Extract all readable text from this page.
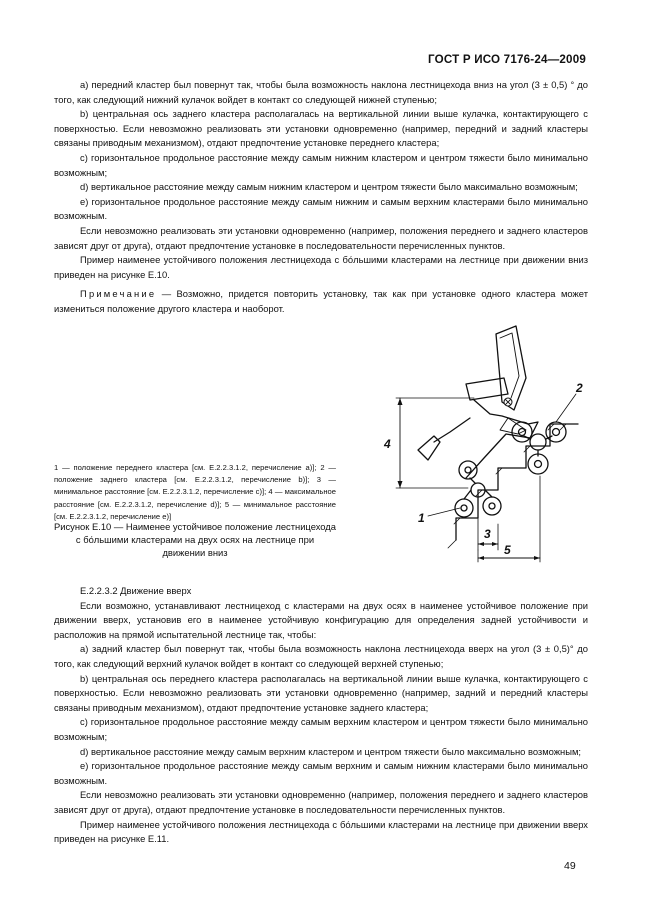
ГОСТ Р ИСО 7176-24—2009

a) передний кластер был повернут так, чтобы была возможность наклона лестницехода вниз на угол (3 ± 0,5) ° до того, как следующий нижний кулачок войдет в контакт со следующей нижней ступенью;

b) центральная ось заднего кластера располагалась на вертикальной линии выше кулачка, контактирующего с поверхностью. Если невозможно реализовать эти установки одновременно (например, передний и задний кластеры связаны приводным механизмом), отдают предпочтение установке переднего кластера;

c) горизонтальное продольное расстояние между самым нижним кластером и центром тяжести было минимально возможным;

d) вертикальное расстояние между самым нижним кластером и центром тяжести было максимально возможным;

e) горизонтальное продольное расстояние между самым нижним и самым верхним кластерами было минимально возможным.

Если невозможно реализовать эти установки одновременно (например, положения переднего и заднего кластеров зависят друг от друга), отдают предпочтение установке в последовательности перечисленных пунктов.

Пример наименее устойчивого положения лестницехода с бо́льшими кластерами на лестнице при движении вниз приведен на рисунке Е.10.

Примечание — Возможно, придется повторить установку, так как при установке одного кластера может измениться положение другого кластера и наоборот.

1 — положение переднего кластера [см. Е.2.2.3.1.2, перечисление а)]; 2 — положение заднего кластера [см. Е.2.2.3.1.2, перечисление b)]; 3 — минимальное расстояние [см. Е.2.2.3.1.2, перечисление с)]; 4 — максимальное расстояние [см. Е.2.2.3.1.2, перечисление d)]; 5 — минимальное расстояние [см. Е.2.2.3.1.2, перечисление е)]

Рисунок Е.10 — Наименее устойчивое положение лестницехода с бо́льшими кластерами на двух осях на лестнице при движении вниз
1
2
3
4
5

Е.2.2.3.2 Движение вверх

Если возможно, устанавливают лестницеход с кластерами на двух осях в наименее устойчивое положение при движении вверх, установив его в наименее устойчивую конфигурацию для определения задней устойчивости и расположив на прямой испытательной лестнице так, чтобы:

a) задний кластер был повернут так, чтобы была возможность наклона лестницехода вверх на угол (3 ± 0,5)° до того, как следующий верхний кулачок войдет в контакт со следующей верхней ступенью;

b) центральная ось переднего кластера располагалась на вертикальной линии выше кулачка, контактирующего с поверхностью. Если невозможно реализовать эти установки одновременно (например, задний и передний кластеры связаны приводным механизмом), отдают предпочтение установке заднего кластера;

c) горизонтальное продольное расстояние между самым верхним кластером и центром тяжести было минимально возможным;

d) вертикальное расстояние между самым верхним кластером и центром тяжести было максимально возможным;

e) горизонтальное продольное расстояние между самым верхним и самым нижним кластерами было минимально возможным.

Если невозможно реализовать эти установки одновременно (например, положения переднего и заднего кластеров зависят друг от друга), отдают предпочтение установке в последовательности перечисленных пунктов.

Пример наименее устойчивого положения лестницехода с бо́льшими кластерами на лестнице при движении вверх приведен на рисунке Е.11.

49
